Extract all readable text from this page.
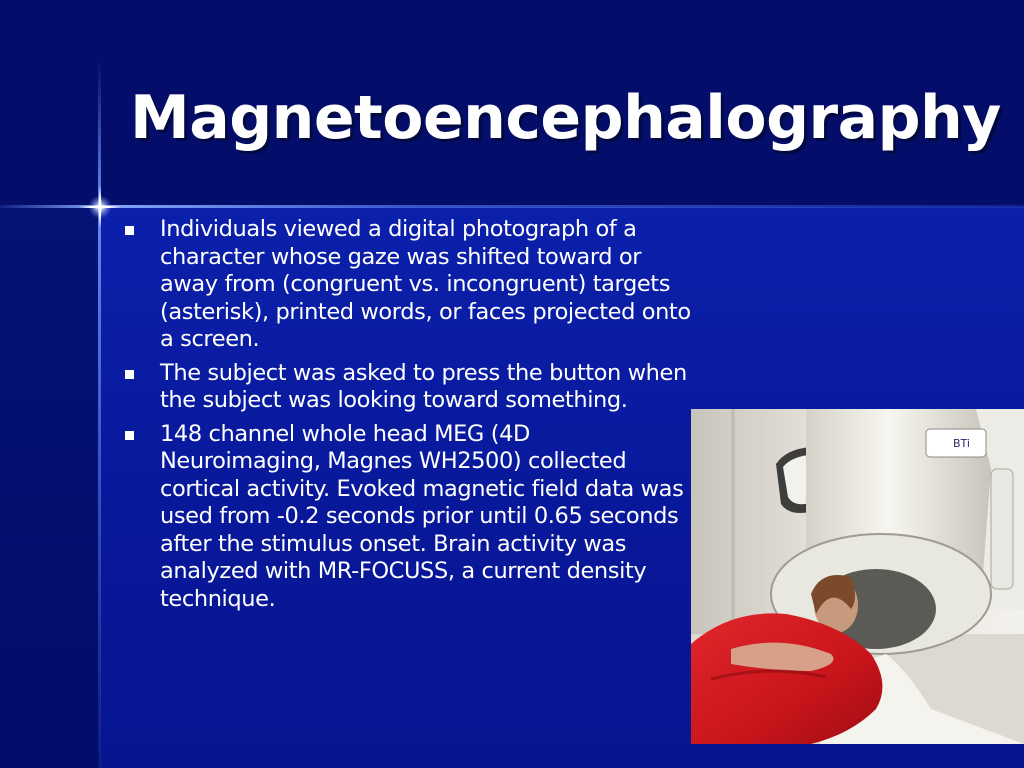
Magnetoencephalography
Individuals viewed a digital photograph of a character whose gaze was shifted toward or away from (congruent vs. incongruent) targets (asterisk), printed words, or faces projected onto a screen.
The subject was asked to press the button when the subject was looking toward something.
148 channel whole head MEG (4D Neuroimaging, Magnes WH2500) collected cortical activity. Evoked magnetic field data was used from -0.2 seconds prior until 0.65 seconds after the stimulus onset. Brain activity was analyzed with MR-FOCUSS, a current density technique.
BTi
